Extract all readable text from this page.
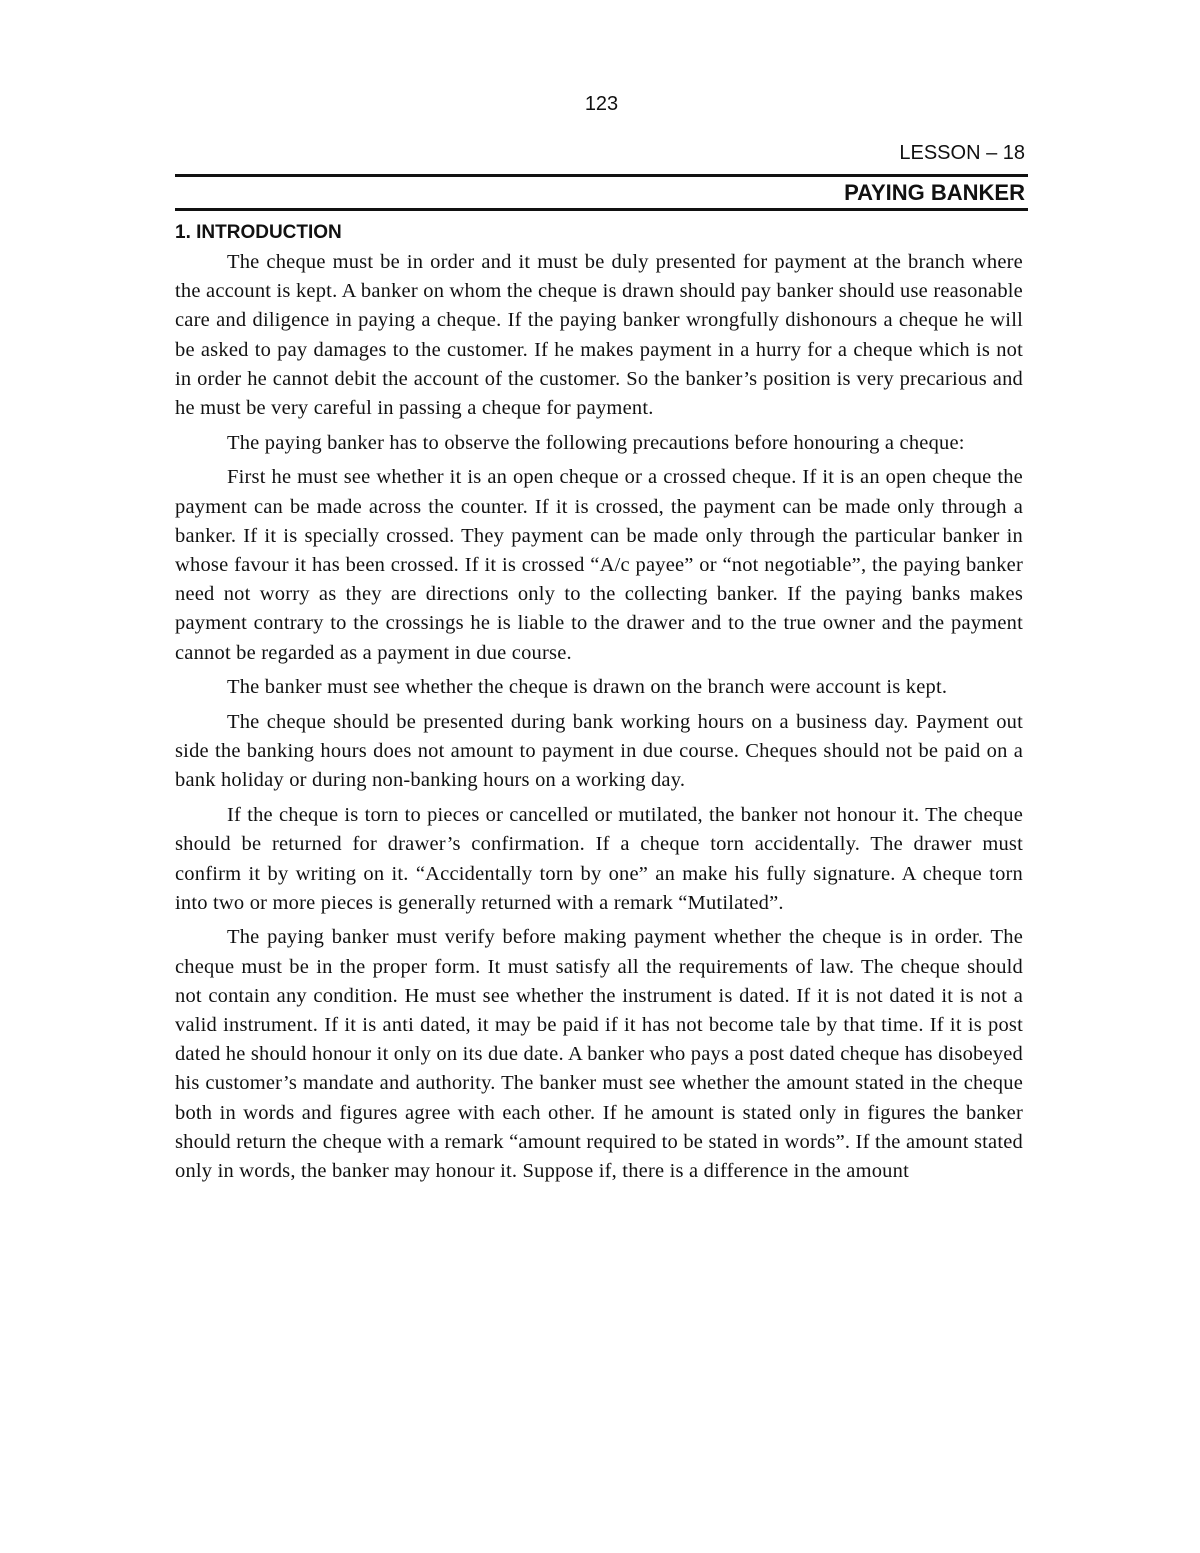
123
LESSON – 18
PAYING BANKER
1. INTRODUCTION

The cheque must be in order and it must be duly presented for payment at the branch where the account is kept. A banker on whom the cheque is drawn should pay banker should use reasonable care and diligence in paying a cheque. If the paying banker wrongfully dishonours a cheque he will be asked to pay damages to the customer. If he makes payment in a hurry for a cheque which is not in order he cannot debit the account of the customer. So the banker’s position is very precarious and he must be very careful in passing a cheque for payment.

The paying banker has to observe the following precautions before honouring a cheque:

First he must see whether it is an open cheque or a crossed cheque. If it is an open cheque the payment can be made across the counter. If it is crossed, the payment can be made only through a banker. If it is specially crossed. They payment can be made only through the particular banker in whose favour it has been crossed. If it is crossed “A/c payee” or “not negotiable”, the paying banker need not worry as they are directions only to the collecting banker. If the paying banks makes payment contrary to the crossings he is liable to the drawer and to the true owner and the payment cannot be regarded as a payment in due course.

The banker must see whether the cheque is drawn on the branch were account is kept.

The cheque should be presented during bank working hours on a business day. Payment out side the banking hours does not amount to payment in due course. Cheques should not be paid on a bank holiday or during non-banking hours on a working day.

If the cheque is torn to pieces or cancelled or mutilated, the banker not honour it. The cheque should be returned for drawer’s confirmation. If a cheque torn accidentally. The drawer must confirm it by writing on it. “Accidentally torn by one” an make his fully signature. A cheque torn into two or more pieces is generally returned with a remark “Mutilated”.

The paying banker must verify before making payment whether the cheque is in order. The cheque must be in the proper form. It must satisfy all the requirements of law. The cheque should not contain any condition. He must see whether the instrument is dated. If it is not dated it is not a valid instrument. If it is anti dated, it may be paid if it has not become tale by that time. If it is post dated he should honour it only on its due date. A banker who pays a post dated cheque has disobeyed his customer’s mandate and authority. The banker must see whether the amount stated in the cheque both in words and figures agree with each other. If he amount is stated only in figures the banker should return the cheque with a remark “amount required to be stated in words”. If the amount stated only in words, the banker may honour it. Suppose if, there is a difference in the amount
